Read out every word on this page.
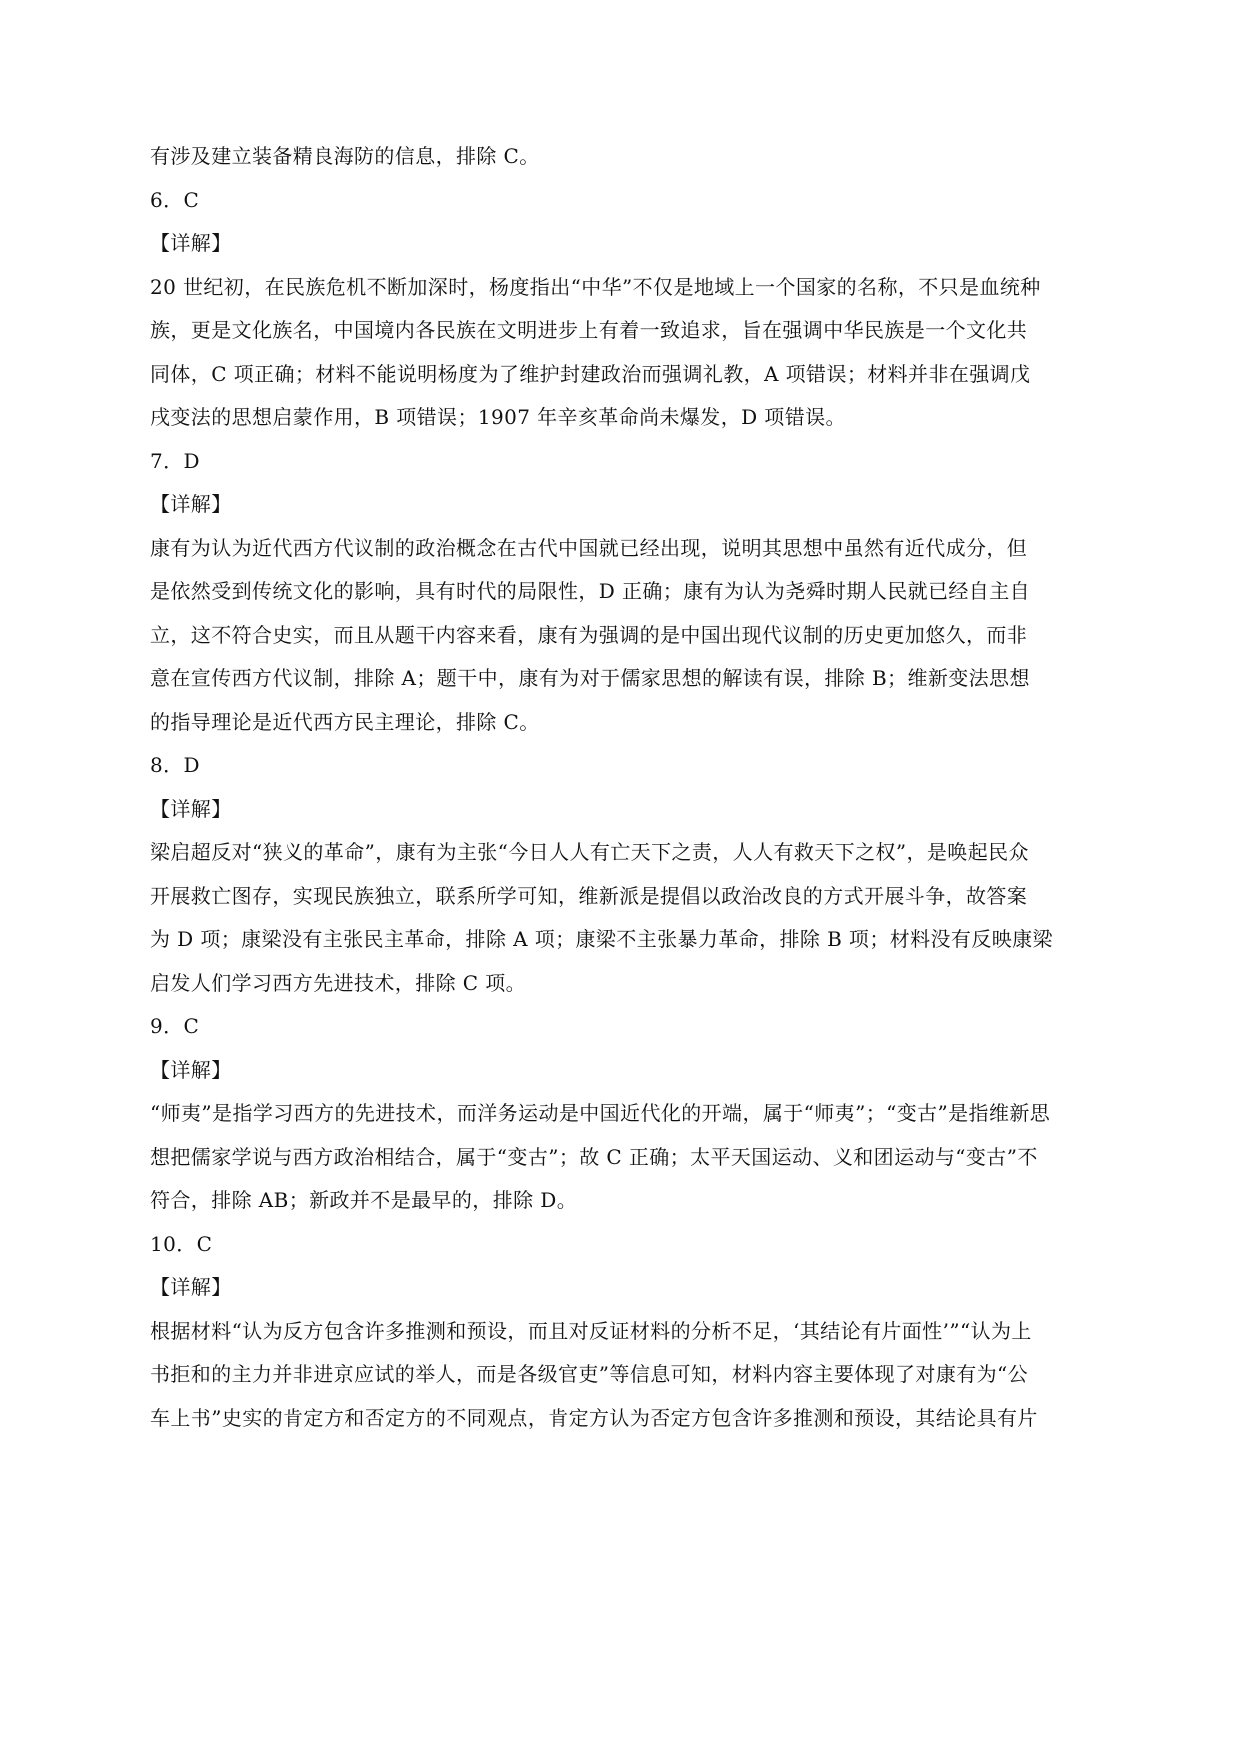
有涉及建立装备精良海防的信息，排除 C。
6．C
【详解】
20 世纪初，在民族危机不断加深时，杨度指出“中华”不仅是地域上一个国家的名称，不只是血统种
族，更是文化族名，中国境内各民族在文明进步上有着一致追求，旨在强调中华民族是一个文化共
同体，C 项正确；材料不能说明杨度为了维护封建政治而强调礼教，A 项错误；材料并非在强调戊
戌变法的思想启蒙作用，B 项错误；1907 年辛亥革命尚未爆发，D 项错误。
7．D
【详解】
康有为认为近代西方代议制的政治概念在古代中国就已经出现，说明其思想中虽然有近代成分，但
是依然受到传统文化的影响，具有时代的局限性，D 正确；康有为认为尧舜时期人民就已经自主自
立，这不符合史实，而且从题干内容来看，康有为强调的是中国出现代议制的历史更加悠久，而非
意在宣传西方代议制，排除 A；题干中，康有为对于儒家思想的解读有误，排除 B；维新变法思想
的指导理论是近代西方民主理论，排除 C。
8．D
【详解】
梁启超反对“狭义的革命”，康有为主张“今日人人有亡天下之责，人人有救天下之权”，是唤起民众
开展救亡图存，实现民族独立，联系所学可知，维新派是提倡以政治改良的方式开展斗争，故答案
为 D 项；康梁没有主张民主革命，排除 A 项；康梁不主张暴力革命，排除 B 项；材料没有反映康梁
启发人们学习西方先进技术，排除 C 项。
9．C
【详解】
“师夷”是指学习西方的先进技术，而洋务运动是中国近代化的开端，属于“师夷”；“变古”是指维新思
想把儒家学说与西方政治相结合，属于“变古”；故 C 正确；太平天国运动、义和团运动与“变古”不
符合，排除 AB；新政并不是最早的，排除 D。
10．C
【详解】
根据材料“认为反方包含许多推测和预设，而且对反证材料的分析不足，‘其结论有片面性’”“认为上
书拒和的主力并非进京应试的举人，而是各级官吏”等信息可知，材料内容主要体现了对康有为“公
车上书”史实的肯定方和否定方的不同观点，肯定方认为否定方包含许多推测和预设，其结论具有片
